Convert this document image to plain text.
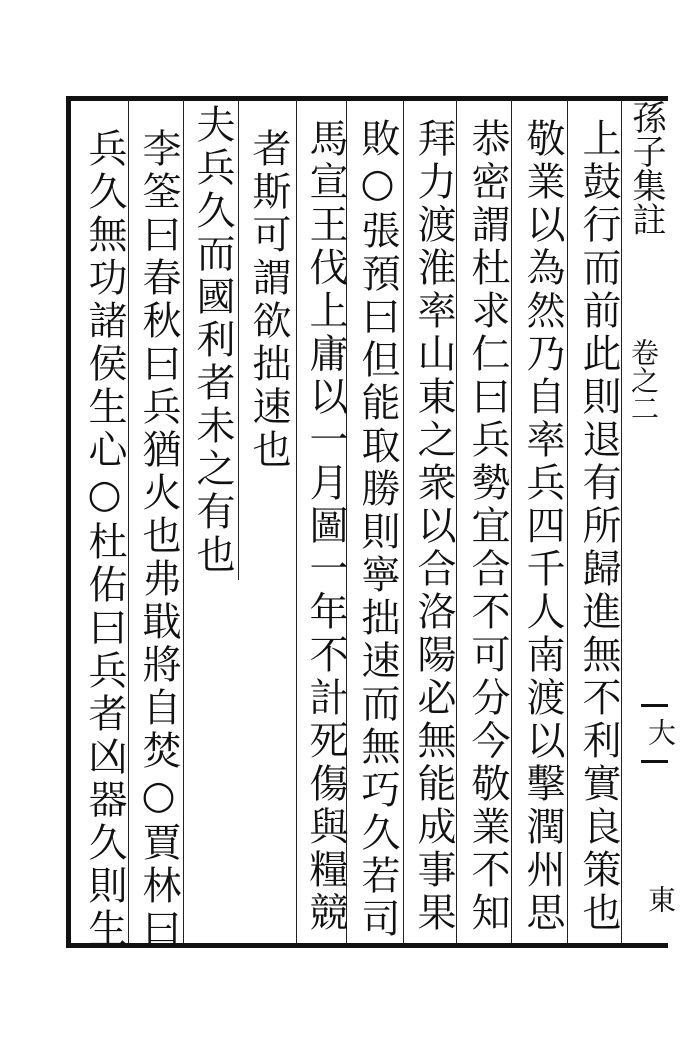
孫子集註
卷之二
大
東
上鼓行而前此則退有所歸進無不利實良策也
敬業以為然乃自率兵四千人南渡以擊潤州思
恭密謂杜求仁曰兵勢宜合不可分今敬業不知
拜力渡淮率山東之衆以合洛陽必無能成事果
敗○張預曰但能取勝則寧拙速而無巧久若司
馬宣王伐上庸以一月圖一年不計死傷與糧競
者斯可謂欲拙速也
夫兵久而國利者未之有也
李筌曰春秋曰兵猶火也弗戢將自焚○賈林曰
兵久無功諸侯生心○杜佑曰兵者凶器久則生
